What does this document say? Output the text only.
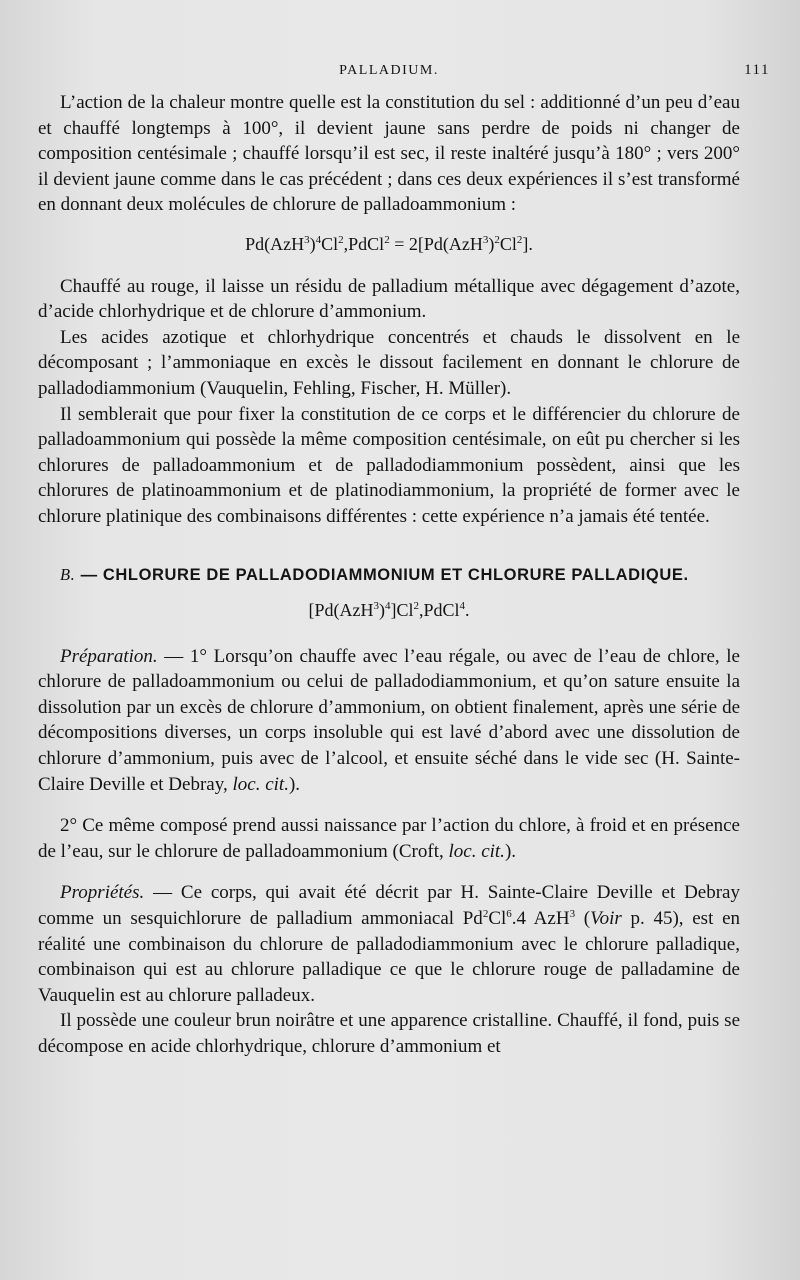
PALLADIUM.	111

L’action de la chaleur montre quelle est la constitution du sel : additionné d’un peu d’eau et chauffé longtemps à 100°, il devient jaune sans perdre de poids ni changer de composition centésimale ; chauffé lorsqu’il est sec, il reste inaltéré jusqu’à 180° ; vers 200° il devient jaune comme dans le cas précédent ; dans ces deux expériences il s’est transformé en donnant deux molécules de chlorure de palladoammonium :

$Pd(AzH^3)^4Cl^2,PdCl^2 = 2[Pd(AzH^3)^2Cl^2]$.

Chauffé au rouge, il laisse un résidu de palladium métallique avec dégagement d’azote, d’acide chlorhydrique et de chlorure d’ammonium.

Les acides azotique et chlorhydrique concentrés et chauds le dissolvent en le décomposant ; l’ammoniaque en excès le dissout facilement en donnant le chlorure de palladodiammonium (Vauquelin, Fehling, Fischer, H. Müller).

Il semblerait que pour fixer la constitution de ce corps et le différencier du chlorure de palladoammonium qui possède la même composition centésimale, on eût pu chercher si les chlorures de palladoammonium et de palladodiammonium possèdent, ainsi que les chlorures de platinoammonium et de platinodiammonium, la propriété de former avec le chlorure platinique des combinaisons différentes : cette expérience n’a jamais été tentée.

B. — CHLORURE DE PALLADODIAMMONIUM ET CHLORURE PALLADIQUE.
$[Pd(AzH^3)^4]Cl^2,PdCl^4$.

Préparation. — 1° Lorsqu’on chauffe avec l’eau régale, ou avec de l’eau de chlore, le chlorure de palladoammonium ou celui de palladodiammonium, et qu’on sature ensuite la dissolution par un excès de chlorure d’ammonium, on obtient finalement, après une série de décompositions diverses, un corps insoluble qui est lavé d’abord avec une dissolution de chlorure d’ammonium, puis avec de l’alcool, et ensuite séché dans le vide sec (H. Sainte-Claire Deville et Debray, loc. cit.).

2° Ce même composé prend aussi naissance par l’action du chlore, à froid et en présence de l’eau, sur le chlorure de palladoammonium (Croft, loc. cit.).

Propriétés. — Ce corps, qui avait été décrit par H. Sainte-Claire Deville et Debray comme un sesquichlorure de palladium ammoniacal Pd$^2$Cl$^6$.4 AzH$^3$ (Voir p. 45), est en réalité une combinaison du chlorure de palladodiammonium avec le chlorure palladique, combinaison qui est au chlorure palladique ce que le chlorure rouge de palladamine de Vauquelin est au chlorure palladeux.

Il possède une couleur brun noirâtre et une apparence cristalline. Chauffé, il fond, puis se décompose en acide chlorhydrique, chlorure d’ammonium et
